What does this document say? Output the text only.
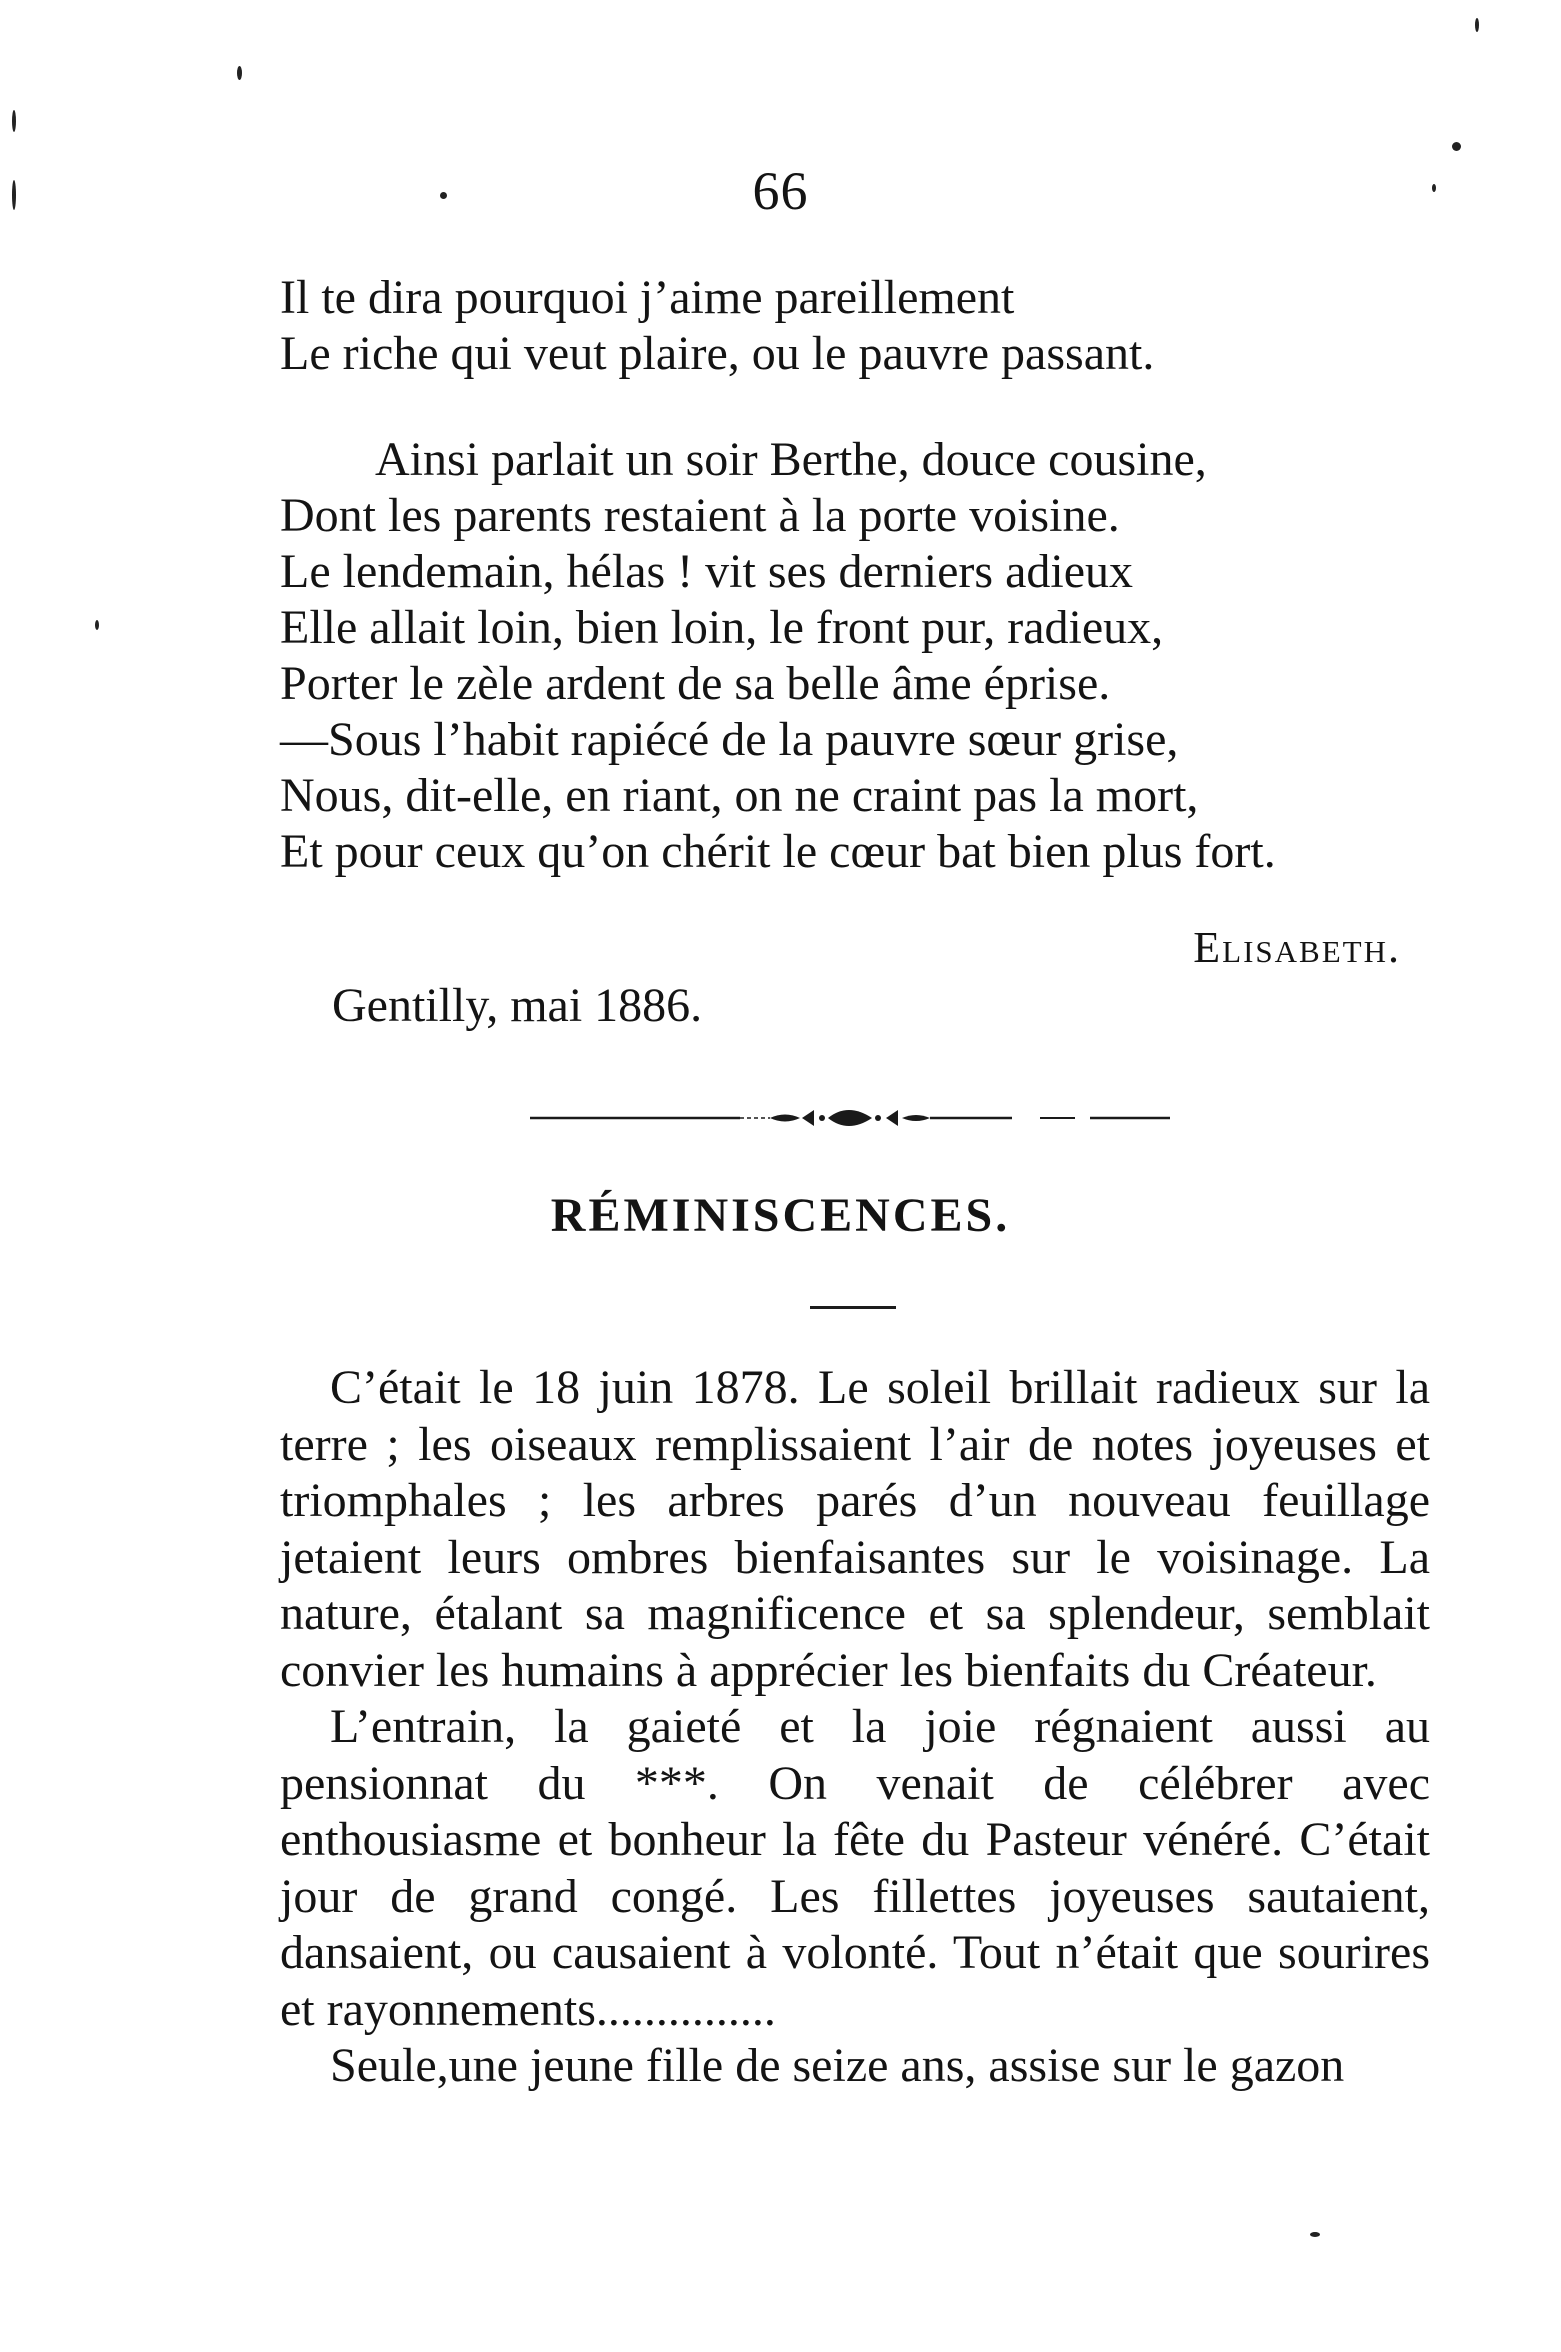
66
Il te dira pourquoi j’aime pareillement
Le riche qui veut plaire, ou le pauvre passant.
Ainsi parlait un soir Berthe, douce cousine,
Dont les parents restaient à la porte voisine.
Le lendemain, hélas ! vit ses derniers adieux
Elle allait loin, bien loin, le front pur, radieux,
Porter le zèle ardent de sa belle âme éprise.
—Sous l’habit rapiécé de la pauvre sœur grise,
Nous, dit-elle, en riant, on ne craint pas la mort,
Et pour ceux qu’on chérit le cœur bat bien plus fort.
Elisabeth.
Gentilly, mai 1886.
RÉMINISCENCES.

C’était le 18 juin 1878. Le soleil brillait radieux sur la terre ; les oiseaux remplissaient l’air de notes joyeuses et triomphales ; les arbres parés d’un nouveau feuillage jetaient leurs ombres bienfaisantes sur le voisinage. La nature, étalant sa magnificence et sa splendeur, semblait convier les humains à apprécier les bienfaits du Créateur.

L’entrain, la gaieté et la joie régnaient aussi au pensionnat du ***. On venait de célébrer avec enthousiasme et bonheur la fête du Pasteur vénéré. C’était jour de grand congé. Les fillettes joyeuses sautaient, dansaient, ou causaient à volonté. Tout n’était que sourires et rayonnements...............

Seule,une jeune fille de seize ans, assise sur le gazon
